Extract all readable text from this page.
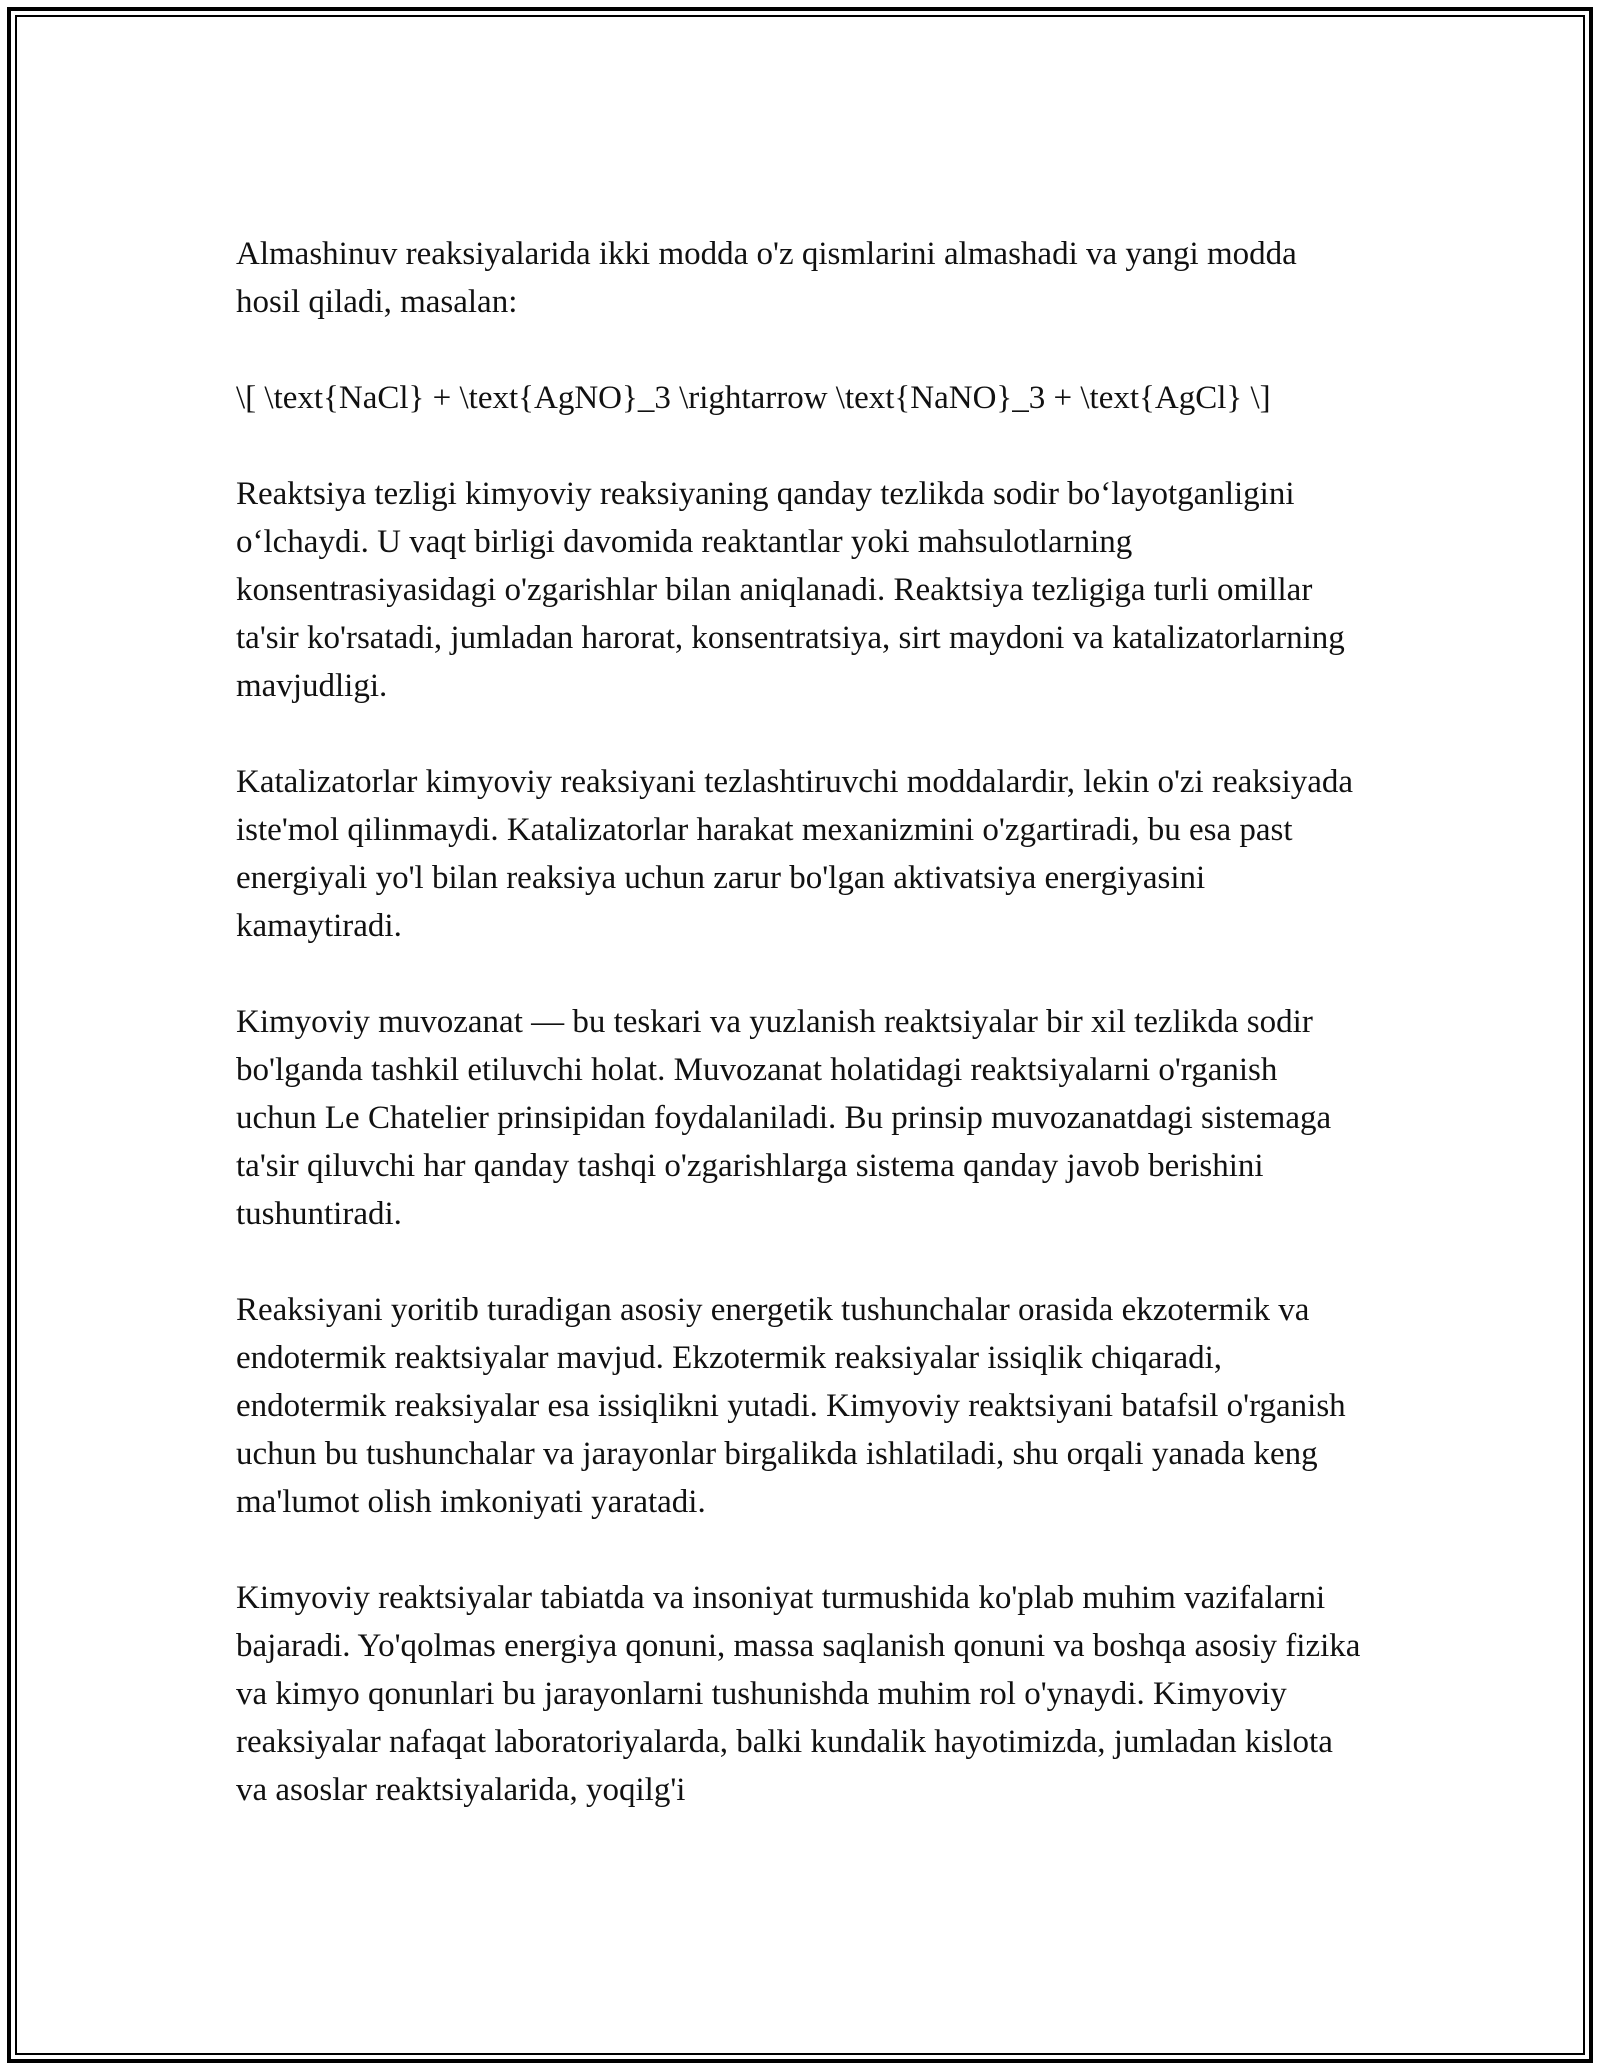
Almashinuv reaksiyalarida ikki modda o'z qismlarini almashadi va yangi modda hosil qiladi, masalan:

\[ \text{NaCl} + \text{AgNO}_3 \rightarrow \text{NaNO}_3 + \text{AgCl} \]

Reaktsiya tezligi kimyoviy reaksiyaning qanday tezlikda sodir bo‘layotganligini o‘lchaydi. U vaqt birligi davomida reaktantlar yoki mahsulotlarning konsentrasiyasidagi o'zgarishlar bilan aniqlanadi. Reaktsiya tezligiga turli omillar ta'sir ko'rsatadi, jumladan harorat, konsentratsiya, sirt maydoni va katalizatorlarning mavjudligi.

Katalizatorlar kimyoviy reaksiyani tezlashtiruvchi moddalardir, lekin o'zi reaksiyada iste'mol qilinmaydi. Katalizatorlar harakat mexanizmini o'zgartiradi, bu esa past energiyali yo'l bilan reaksiya uchun zarur bo'lgan aktivatsiya energiyasini kamaytiradi.

Kimyoviy muvozanat — bu teskari va yuzlanish reaktsiyalar bir xil tezlikda sodir bo'lganda tashkil etiluvchi holat. Muvozanat holatidagi reaktsiyalarni o'rganish uchun Le Chatelier prinsipidan foydalaniladi. Bu prinsip muvozanatdagi sistemaga ta'sir qiluvchi har qanday tashqi o'zgarishlarga sistema qanday javob berishini tushuntiradi.

Reaksiyani yoritib turadigan asosiy energetik tushunchalar orasida ekzotermik va endotermik reaktsiyalar mavjud. Ekzotermik reaksiyalar issiqlik chiqaradi, endotermik reaksiyalar esa issiqlikni yutadi. Kimyoviy reaktsiyani batafsil o'rganish uchun bu tushunchalar va jarayonlar birgalikda ishlatiladi, shu orqali yanada keng ma'lumot olish imkoniyati yaratadi.

Kimyoviy reaktsiyalar tabiatda va insoniyat turmushida ko'plab muhim vazifalarni bajaradi. Yo'qolmas energiya qonuni, massa saqlanish qonuni va boshqa asosiy fizika va kimyo qonunlari bu jarayonlarni tushunishda muhim rol o'ynaydi. Kimyoviy reaksiyalar nafaqat laboratoriyalarda, balki kundalik hayotimizda, jumladan kislota va asoslar reaktsiyalarida, yoqilg'i
